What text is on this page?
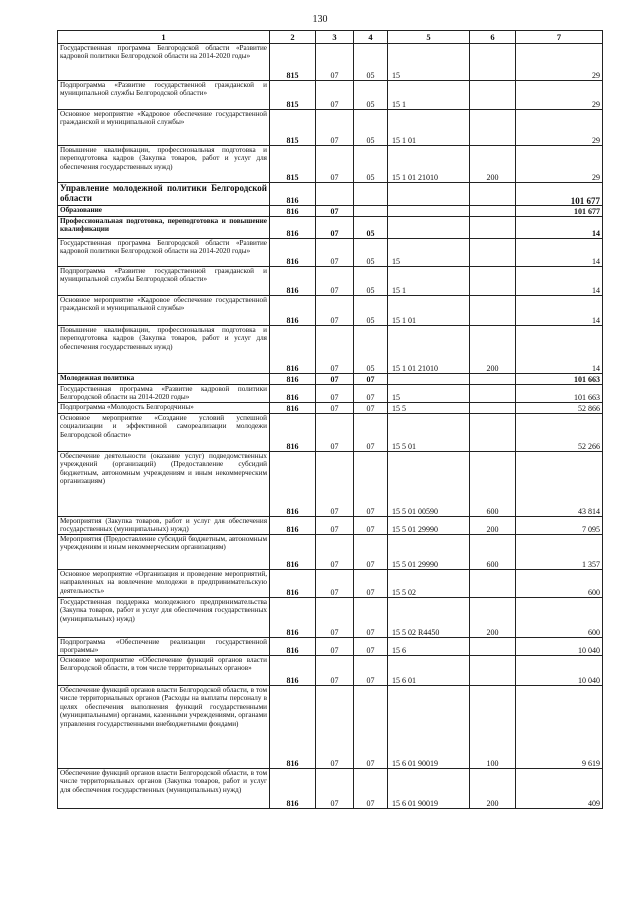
130
1	2	3	4	5	6	7
Государственная программа Белгородской области «Развитие кадровой политики Белгородской области на 2014-2020 годы»	815	07	05	15		29
Подпрограмма «Развитие государственной гражданской и муниципальной службы Белгородской области»	815	07	05	15 1		29
Основное мероприятие «Кадровое обеспечение государственной гражданской и муниципальной службы»	815	07	05	15 1 01		29
Повышение квалификации, профессиональная подготовка и переподготовка кадров (Закупка товаров, работ и услуг для обеспечения государственных нужд)	815	07	05	15 1 01 21010	200	29
Управление молодежной политики Белгородской области	816					101 677
Образование	816	07				101 677
Профессиональная подготовка, переподготовка и повышение квалификации	816	07	05			14
Государственная программа Белгородской области «Развитие кадровой политики Белгородской области на 2014-2020 годы»	816	07	05	15		14
Подпрограмма «Развитие государственной гражданской и муниципальной службы Белгородской области»	816	07	05	15 1		14
Основное мероприятие «Кадровое обеспечение государственной гражданской и муниципальной службы»	816	07	05	15 1 01		14
Повышение квалификации, профессиональная подготовка и переподготовка кадров (Закупка товаров, работ и услуг для обеспечения государственных нужд)	816	07	05	15 1 01 21010	200	14
Молодежная политика	816	07	07			101 663
Государственная программа «Развитие кадровой политики Белгородской области на 2014-2020 годы»	816	07	07	15		101 663
Подпрограмма «Молодость Белгородчины»	816	07	07	15 5		52 866
Основное мероприятие «Создание условий успешной социализации и эффективной самореализации молодежи Белгородской области»	816	07	07	15 5 01		52 266
Обеспечение деятельности (оказание услуг) подведомственных учреждений (организаций) (Предоставление субсидий бюджетным, автономным учреждениям и иным некоммерческим организациям)	816	07	07	15 5 01 00590	600	43 814
Мероприятия (Закупка товаров, работ и услуг для обеспечения государственных (муниципальных) нужд)	816	07	07	15 5 01 29990	200	7 095
Мероприятия (Предоставление субсидий бюджетным, автономным учреждениям и иным некоммерческим организациям)	816	07	07	15 5 01 29990	600	1 357
Основное мероприятие «Организация и проведение мероприятий, направленных на вовлечение молодежи в предпринимательскую деятельность»	816	07	07	15 5 02		600
Государственная поддержка молодежного предпринимательства (Закупка товаров, работ и услуг для обеспечения государственных (муниципальных) нужд)	816	07	07	15 5 02 R4450	200	600
Подпрограмма «Обеспечение реализации государственной программы»	816	07	07	15 6		10 040
Основное мероприятие «Обеспечение функций органов власти Белгородской области, в том числе территориальных органов»	816	07	07	15 6 01		10 040
Обеспечение функций органов власти Белгородской области, в том числе территориальных органов (Расходы на выплаты персоналу в целях обеспечения выполнения функций государственными (муниципальными) органами, казенными учреждениями, органами управления государственными внебюджетными фондами)	816	07	07	15 6 01 90019	100	9 619
Обеспечение функций органов власти Белгородской области, в том числе территориальных органов (Закупка товаров, работ и услуг для обеспечения государственных (муниципальных) нужд)	816	07	07	15 6 01 90019	200	409
